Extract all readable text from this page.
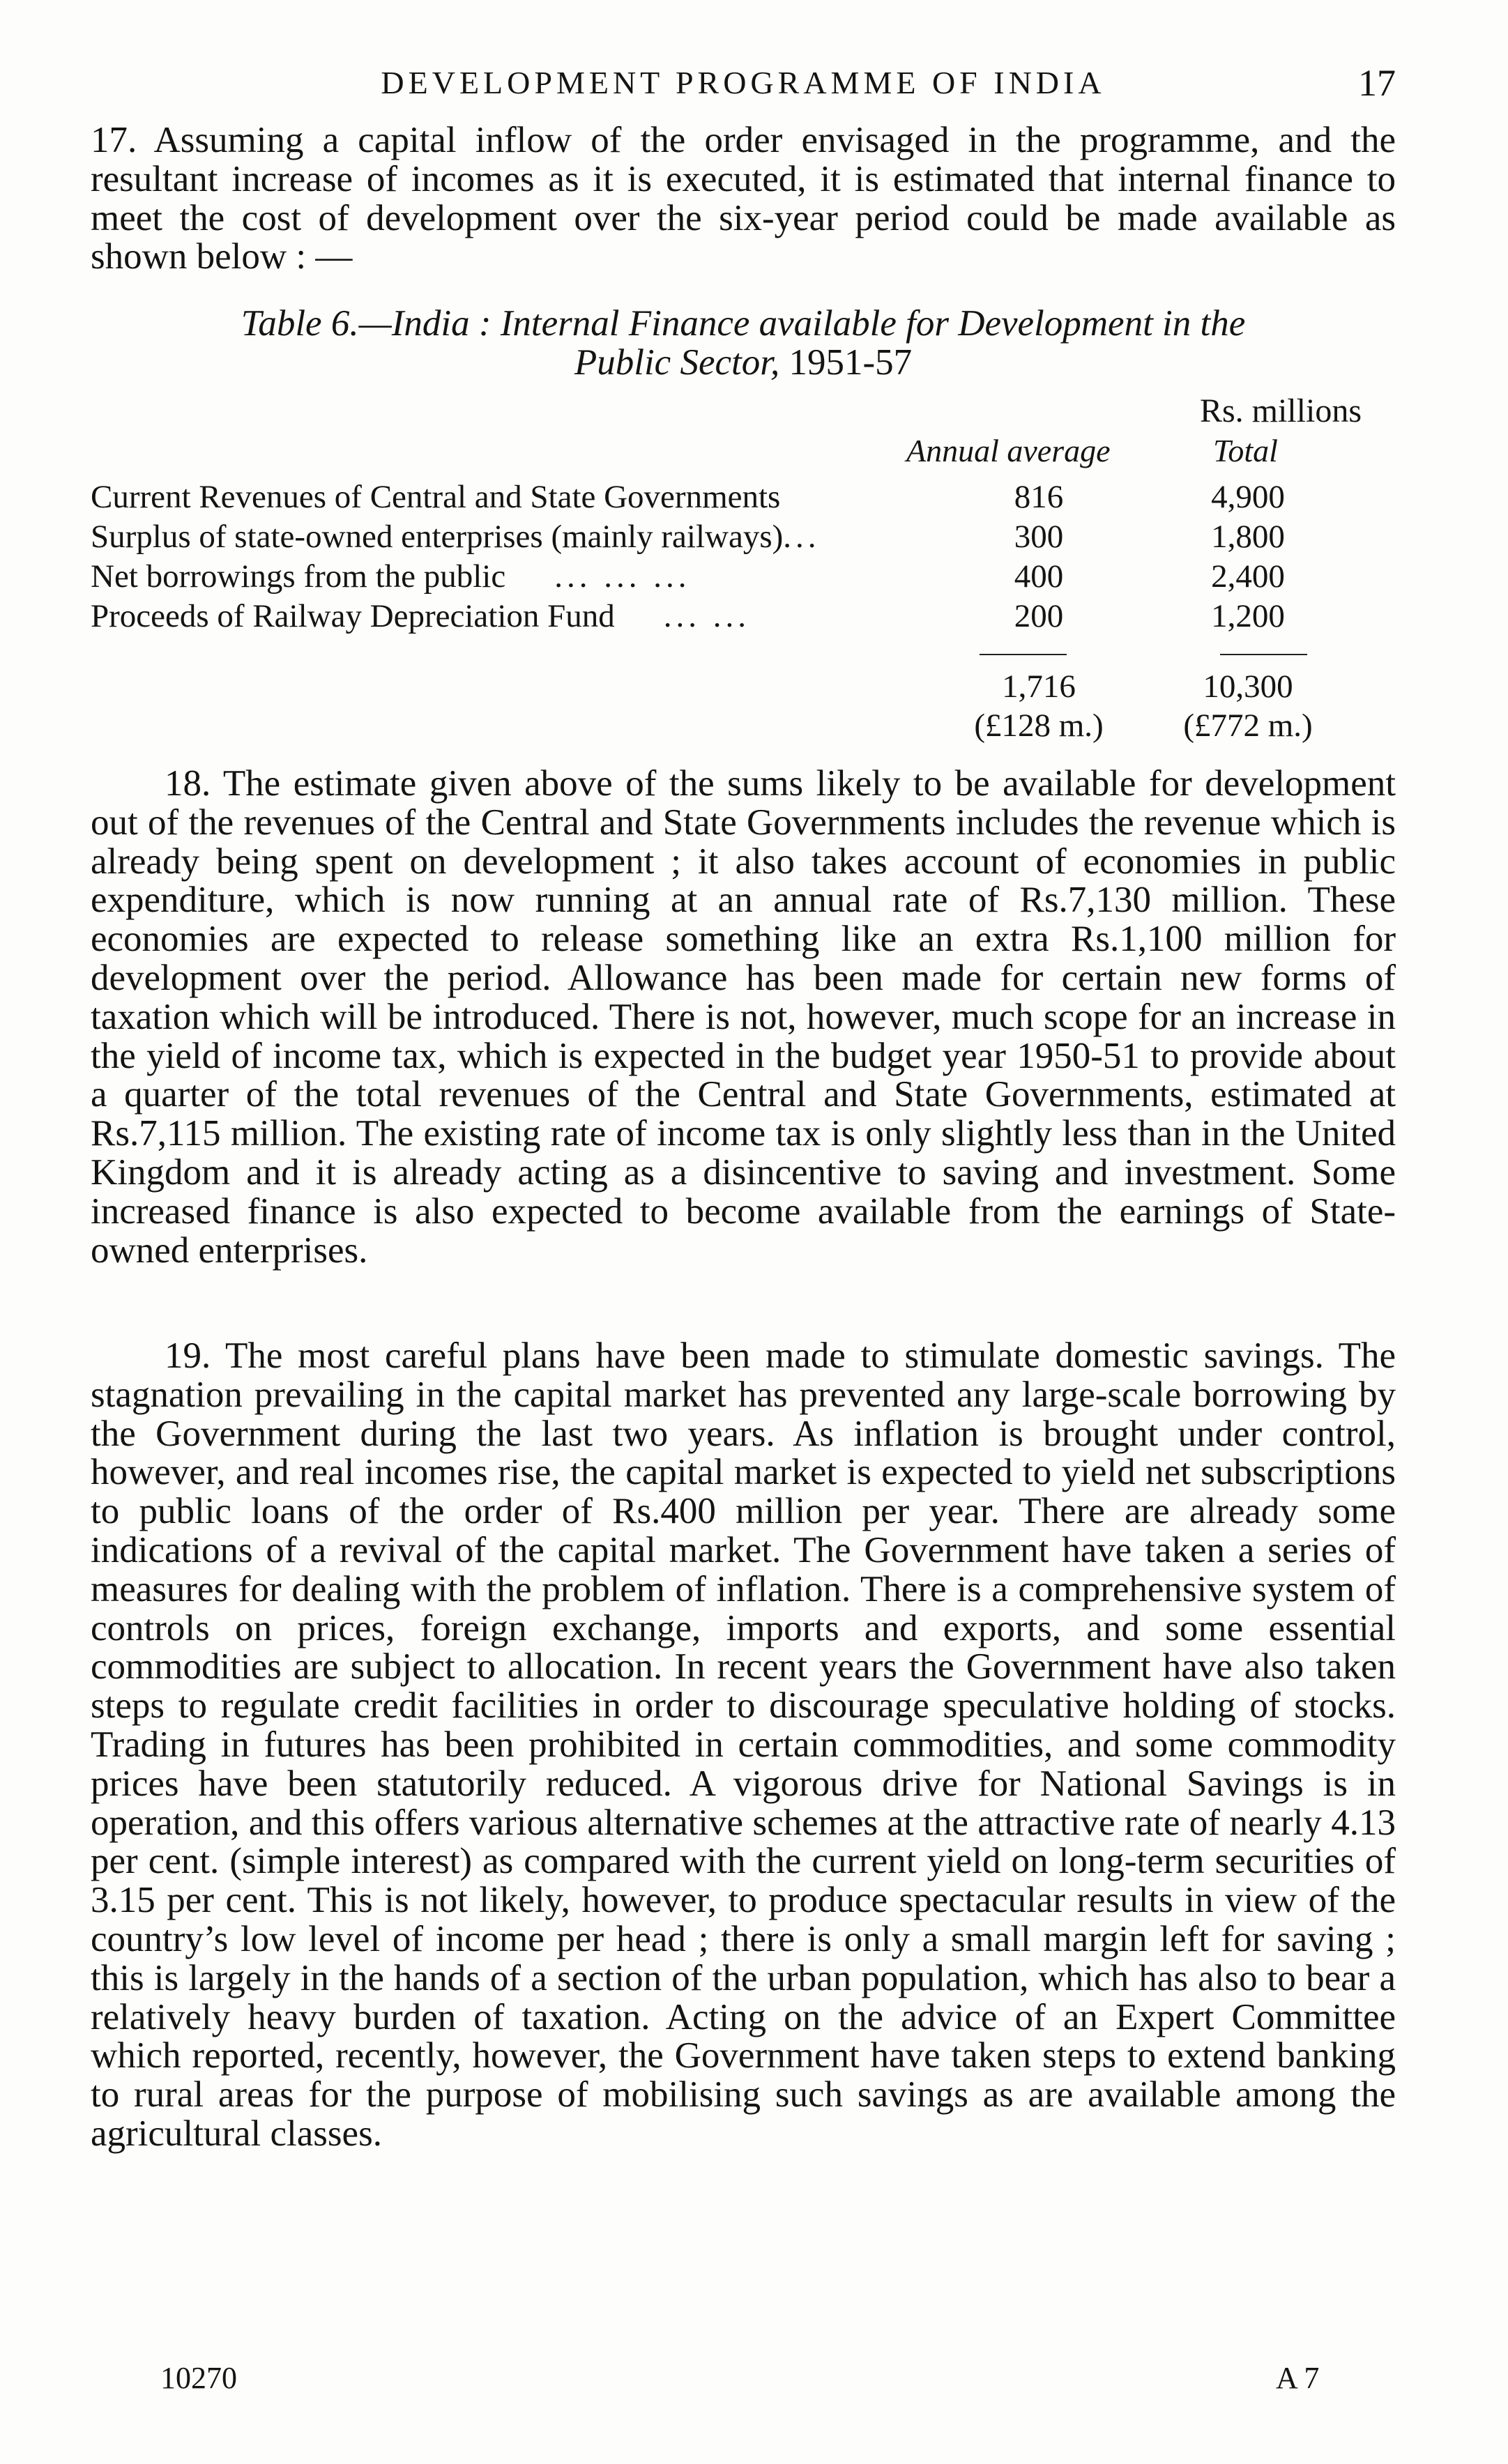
DEVELOPMENT PROGRAMME OF INDIA	17

17. Assuming a capital inflow of the order envisaged in the programme, and the resultant increase of incomes as it is executed, it is estimated that internal finance to meet the cost of development over the six-year period could be made available as shown below : —

Table 6.—India : Internal Finance available for Development in the
Public Sector, 1951-57
Rs. millions
Annual average	Total
Current Revenues of Central and State Governments	816	4,900
Surplus of state-owned enterprises (mainly railways)...	300	1,800
Net borrowings from the public ... ... ...	400	2,400
Proceeds of Railway Depreciation Fund ... ...	200	1,200
1,716	10,300
(£128 m.)	(£772 m.)

18. The estimate given above of the sums likely to be available for development out of the revenues of the Central and State Governments includes the revenue which is already being spent on development ; it also takes account of economies in public expenditure, which is now running at an annual rate of Rs.7,130 million. These economies are expected to release something like an extra Rs.1,100 million for development over the period. Allowance has been made for certain new forms of taxation which will be introduced. There is not, however, much scope for an increase in the yield of income tax, which is expected in the budget year 1950-51 to provide about a quarter of the total revenues of the Central and State Governments, estimated at Rs.7,115 million. The existing rate of income tax is only slightly less than in the United Kingdom and it is already acting as a disincentive to saving and investment. Some increased finance is also expected to become available from the earnings of State-owned enterprises.

19. The most careful plans have been made to stimulate domestic savings. The stagnation prevailing in the capital market has prevented any large-scale borrowing by the Government during the last two years. As inflation is brought under control, however, and real incomes rise, the capital market is expected to yield net subscriptions to public loans of the order of Rs.400 million per year. There are already some indications of a revival of the capital market. The Government have taken a series of measures for dealing with the problem of inflation. There is a comprehensive system of controls on prices, foreign exchange, imports and exports, and some essential commodities are subject to allocation. In recent years the Government have also taken steps to regulate credit facilities in order to discourage speculative holding of stocks. Trading in futures has been prohibited in certain commodities, and some commodity prices have been statutorily reduced. A vigorous drive for National Savings is in operation, and this offers various alternative schemes at the attractive rate of nearly 4.13 per cent. (simple interest) as compared with the current yield on long-term securities of 3.15 per cent. This is not likely, however, to produce spectacular results in view of the country’s low level of income per head ; there is only a small margin left for saving ; this is largely in the hands of a section of the urban population, which has also to bear a relatively heavy burden of taxation. Acting on the advice of an Expert Committee which reported, recently, however, the Government have taken steps to extend banking to rural areas for the purpose of mobilising such savings as are available among the agricultural classes.

10270	A 7
